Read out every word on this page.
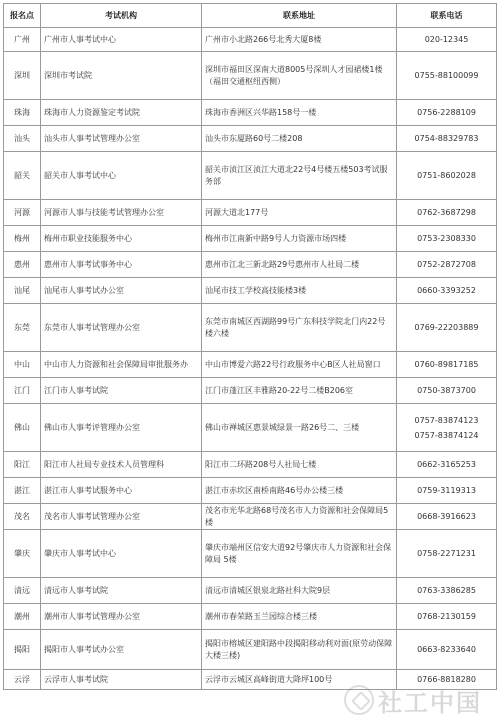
报名点	考试机构	联系地址	联系电话
广州	广州市人事考试中心	广州市小北路266号北秀大厦8楼	020-12345

深圳	深圳市考试院	深圳市福田区深南大道8005号深圳人才园裙楼1楼（福田交通枢纽西侧）	0755-88100099

珠海	珠海市人力资源鉴定考试院	珠海市香洲区兴华路158号一楼	0756-2288109

汕头	汕头市人事考试管理办公室	汕头市东厦路60号二楼208	0754-88329783

韶关	韶关市人事考试中心	韶关市浈江区浈江大道北22号4号楼五楼503考试服务部	0751-8602028

河源	河源市人事与技能考试管理办公室	河源大道北177号	0762-3687298

梅州	梅州市职业技能服务中心	梅州市江南新中路9号人力资源市场四楼	0753-2308330

惠州	惠州市人事考试事务中心	惠州市江北三新北路29号惠州市人社局二楼	0752-2872708

汕尾	汕尾市人事考试办公室	汕尾市技工学校高技能楼3楼	0660-3393252

东莞	东莞市人事考试管理办公室	东莞市南城区西湖路99号广东科技学院北门内22号楼六楼	0769-22203889

中山	中山市人力资源和社会保障局审批服务办	中山市博爱六路22号行政服务中心B区人社局窗口	0760-89817185

江门	江门市人事考试院	江门市蓬江区丰雅路20-22号二楼B206室	0750-3873700

佛山	佛山市人事考评管理办公室	佛山市禅城区惠景城绿景一路26号二、三楼	0757-83874123
0757-83874124

阳江	阳江市人社局专业技术人员管理科	阳江市二环路208号人社局七楼	0662-3165253

湛江	湛江市人事考试服务中心	湛江市赤坎区南桥南路46号办公楼三楼	0759-3119313

茂名	茂名市人事考试管理办公室	茂名市光华北路68号茂名市人力资源和社会保障局5楼	0668-3916623

肇庆	肇庆市人事考试中心	肇庆市端州区信安大道92号肇庆市人力资源和社会保障局 5楼	0758-2271231

清远	清远市人事考试院	清远市清城区银泉北路社科大院9层	0763-3386285

潮州	潮州市人事考试管理办公室	潮州市春荣路玉兰园综合楼三楼	0768-2130159

揭阳	揭阳市人事考试办公室	揭阳市榕城区建阳路中段揭阳移动利对面(原劳动保障大楼三楼)	0663-8233640

云浮	云浮市人事考试院	云浮市云城区高峰街道大降坪100号	0766-8818280
社工中国
